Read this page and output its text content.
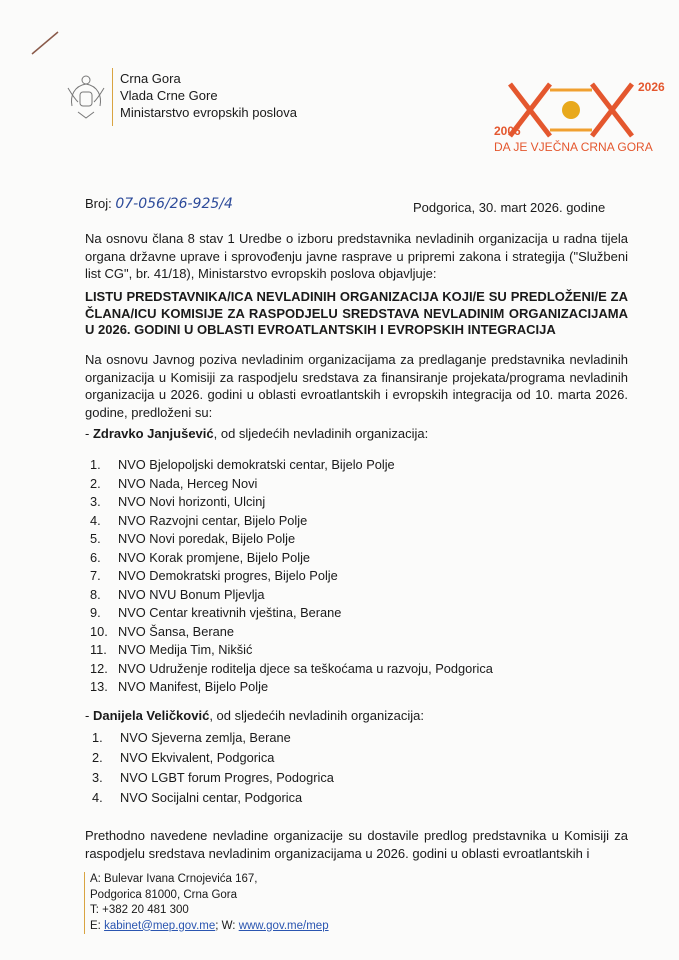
Crna Gora
Vlada Crne Gore
Ministarstvo evropskih poslova
2026
2006
DA JE VJEČNA CRNA GORA
Broj: 07-056/26-925/4	Podgorica, 30. mart 2026. godine
Na osnovu člana 8 stav 1 Uredbe o izboru predstavnika nevladinih organizacija u radna tijela organa državne uprave i sprovođenju javne rasprave u pripremi zakona i strategija ("Službeni list CG", br. 41/18), Ministarstvo evropskih poslova objavljuje:
LISTU PREDSTAVNIKA/ICA NEVLADINIH ORGANIZACIJA KOJI/E SU PREDLOŽENI/E ZA ČLANA/ICU KOMISIJE ZA RASPODJELU SREDSTAVA NEVLADINIM ORGANIZACIJAMA U 2026. GODINI U OBLASTI EVROATLANTSKIH I EVROPSKIH INTEGRACIJA
Na osnovu Javnog poziva nevladinim organizacijama za predlaganje predstavnika nevladinih organizacija u Komisiji za raspodjelu sredstava za finansiranje projekata/programa nevladinih organizacija u 2026. godini u oblasti evroatlantskih i evropskih integracija od 10. marta 2026. godine, predloženi su:
- Zdravko Janjušević, od sljedećih nevladinih organizacija:
1. NVO Bjelopoljski demokratski centar, Bijelo Polje
2. NVO Nada, Herceg Novi
3. NVO Novi horizonti, Ulcinj
4. NVO Razvojni centar, Bijelo Polje
5. NVO Novi poredak, Bijelo Polje
6. NVO Korak promjene, Bijelo Polje
7. NVO Demokratski progres, Bijelo Polje
8. NVO NVU Bonum Pljevlja
9. NVO Centar kreativnih vještina, Berane
10. NVO Šansa, Berane
11. NVO Medija Tim, Nikšić
12. NVO Udruženje roditelja djece sa teškoćama u razvoju, Podgorica
13. NVO Manifest, Bijelo Polje
- Danijela Veličković, od sljedećih nevladinih organizacija:
1. NVO Sjeverna zemlja, Berane
2. NVO Ekvivalent, Podgorica
3. NVO LGBT forum Progres, Podogrica
4. NVO Socijalni centar, Podgorica
Prethodno navedene nevladine organizacije su dostavile predlog predstavnika u Komisiji za raspodjelu sredstava nevladinim organizacijama u 2026. godini u oblasti evroatlantskih i
A: Bulevar Ivana Crnojevića 167,
Podgorica 81000, Crna Gora
T: +382 20 481 300
E: kabinet@mep.gov.me; W: www.gov.me/mep
